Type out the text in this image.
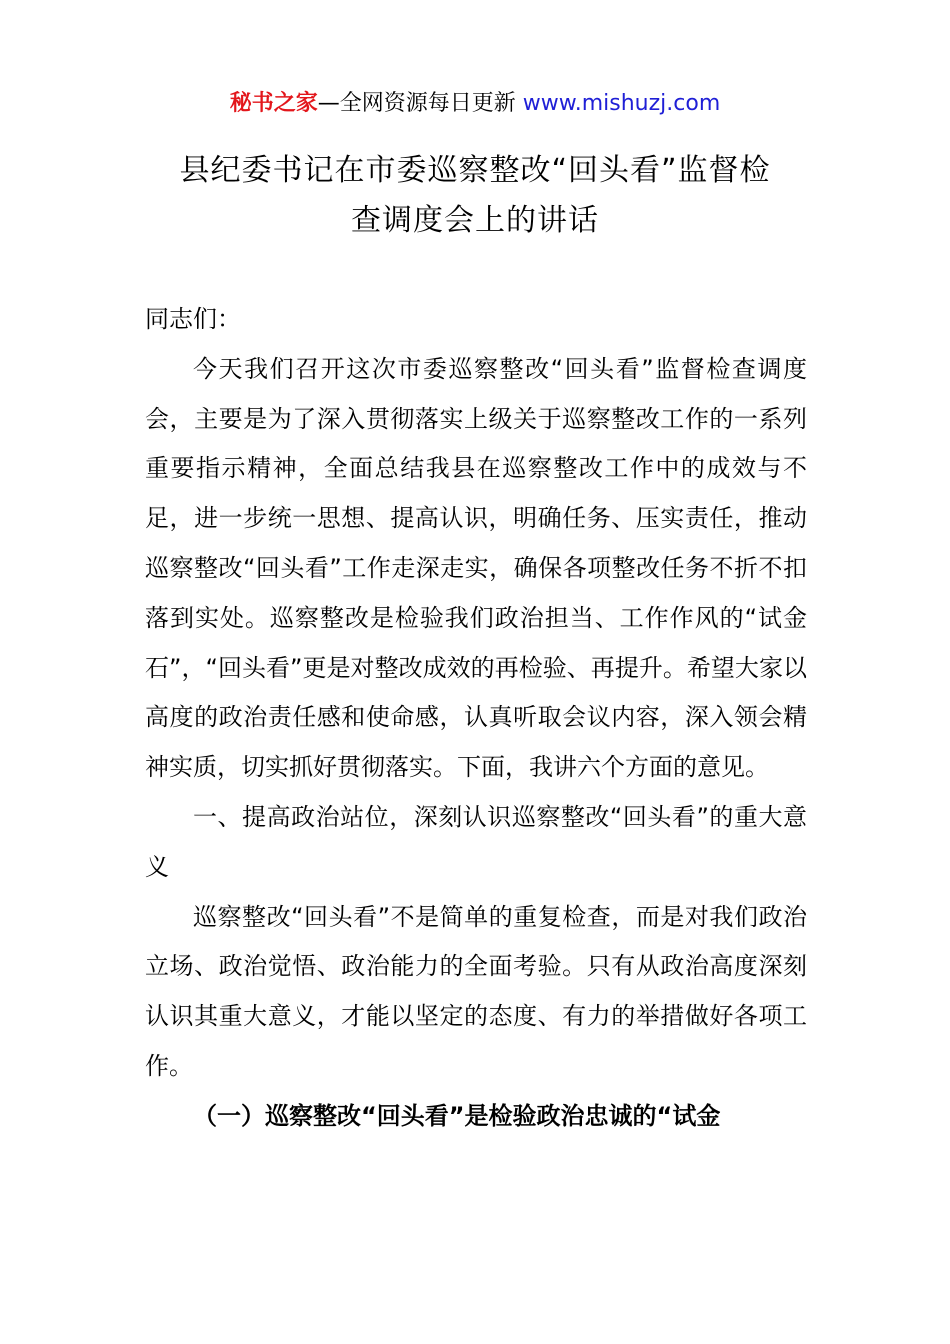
秘书之家—全网资源每日更新 www.mishuzj.com
县纪委书记在市委巡察整改“回头看”监督检
查调度会上的讲话

同志们：

今天我们召开这次市委巡察整改“回头看”监督检查调度会，主要是为了深入贯彻落实上级关于巡察整改工作的一系列重要指示精神，全面总结我县在巡察整改工作中的成效与不足，进一步统一思想、提高认识，明确任务、压实责任，推动巡察整改“回头看”工作走深走实，确保各项整改任务不折不扣落到实处。巡察整改是检验我们政治担当、工作作风的“试金石”，“回头看”更是对整改成效的再检验、再提升。希望大家以高度的政治责任感和使命感，认真听取会议内容，深入领会精神实质，切实抓好贯彻落实。下面，我讲六个方面的意见。

一、提高政治站位，深刻认识巡察整改“回头看”的重大意义

巡察整改“回头看”不是简单的重复检查，而是对我们政治立场、政治觉悟、政治能力的全面考验。只有从政治高度深刻认识其重大意义，才能以坚定的态度、有力的举措做好各项工作。

（一）巡察整改“回头看”是检验政治忠诚的“试金
